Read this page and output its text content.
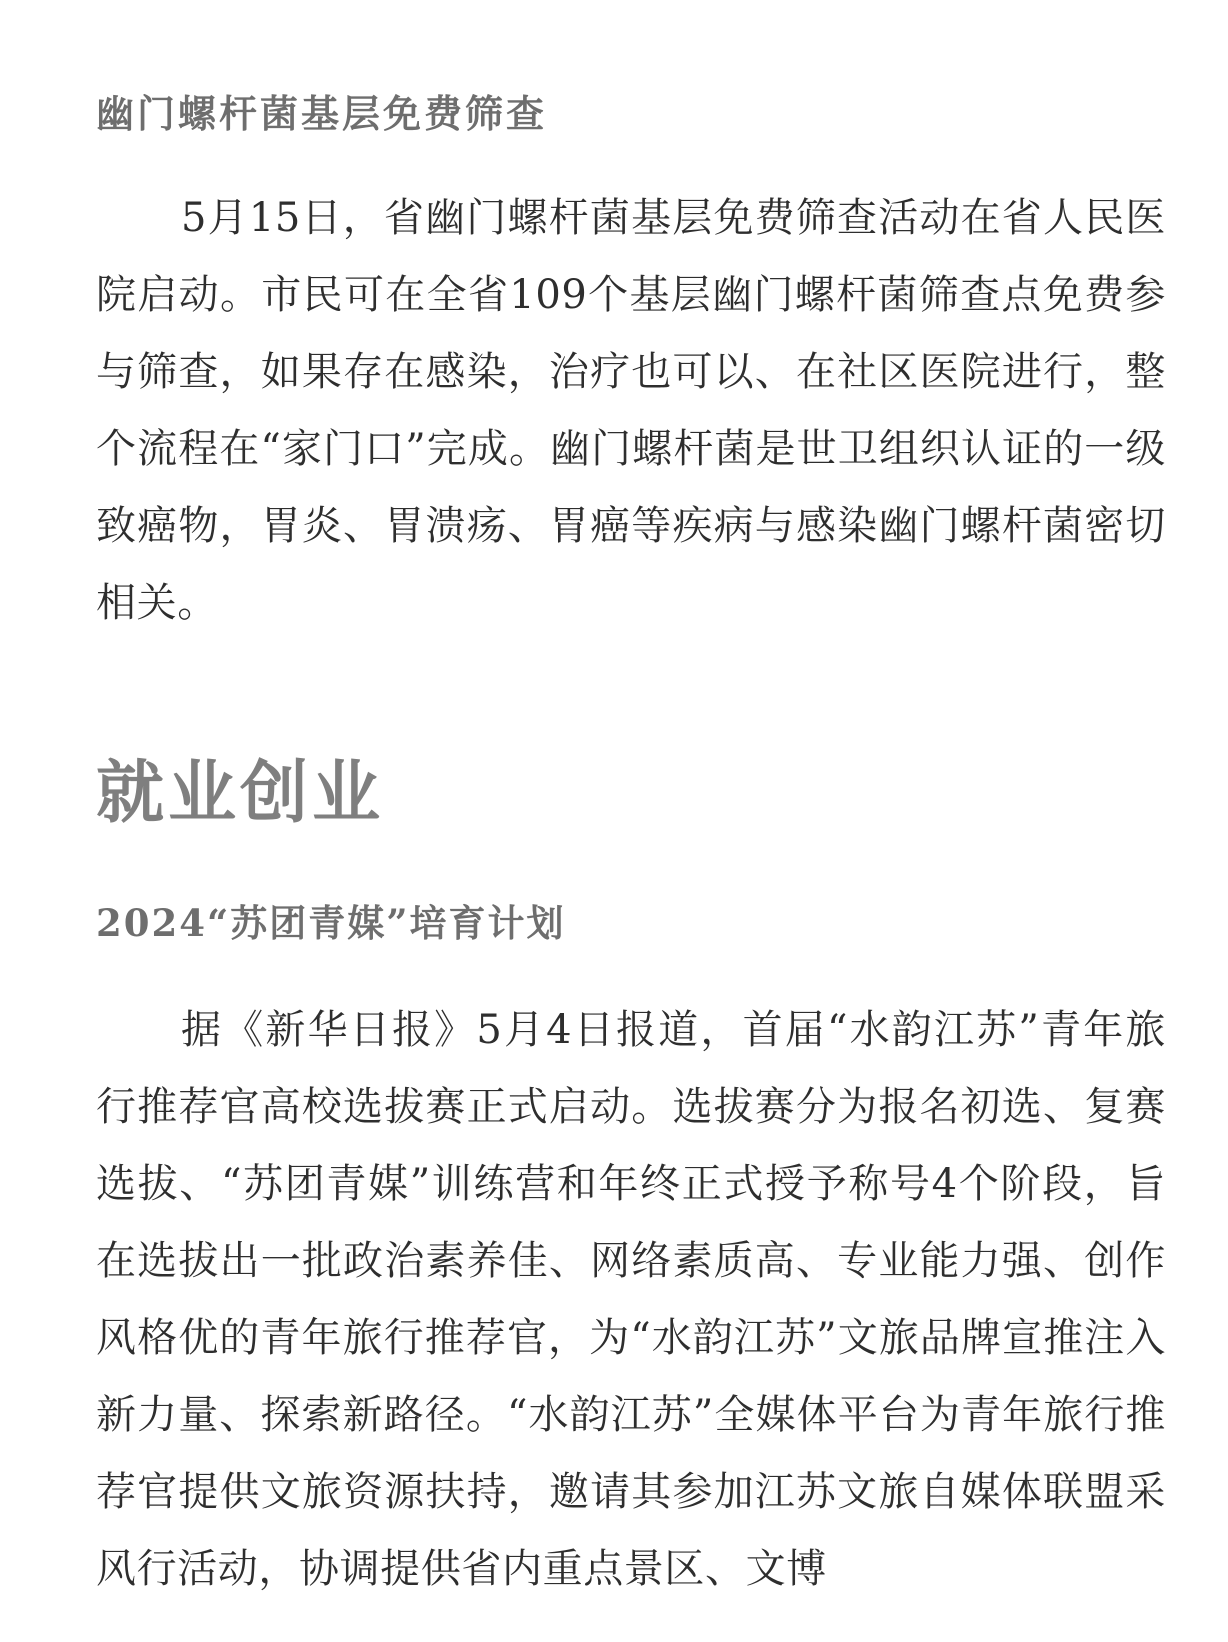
幽门螺杆菌基层免费筛查

5月15日，省幽门螺杆菌基层免费筛查活动在省人民医院启动。市民可在全省109个基层幽门螺杆菌筛查点免费参与筛查，如果存在感染，治疗也可以、在社区医院进行，整个流程在“家门口”完成。幽门螺杆菌是世卫组织认证的一级致癌物，胃炎、胃溃疡、胃癌等疾病与感染幽门螺杆菌密切相关。

就业创业
2024“苏团青媒”培育计划

据《新华日报》5月4日报道，首届“水韵江苏”青年旅行推荐官高校选拔赛正式启动。选拔赛分为报名初选、复赛选拔、“苏团青媒”训练营和年终正式授予称号4个阶段，旨在选拔出一批政治素养佳、网络素质高、专业能力强、创作风格优的青年旅行推荐官，为“水韵江苏”文旅品牌宣推注入新力量、探索新路径。“水韵江苏”全媒体平台为青年旅行推荐官提供文旅资源扶持，邀请其参加江苏文旅自媒体联盟采风行活动，协调提供省内重点景区、文博
